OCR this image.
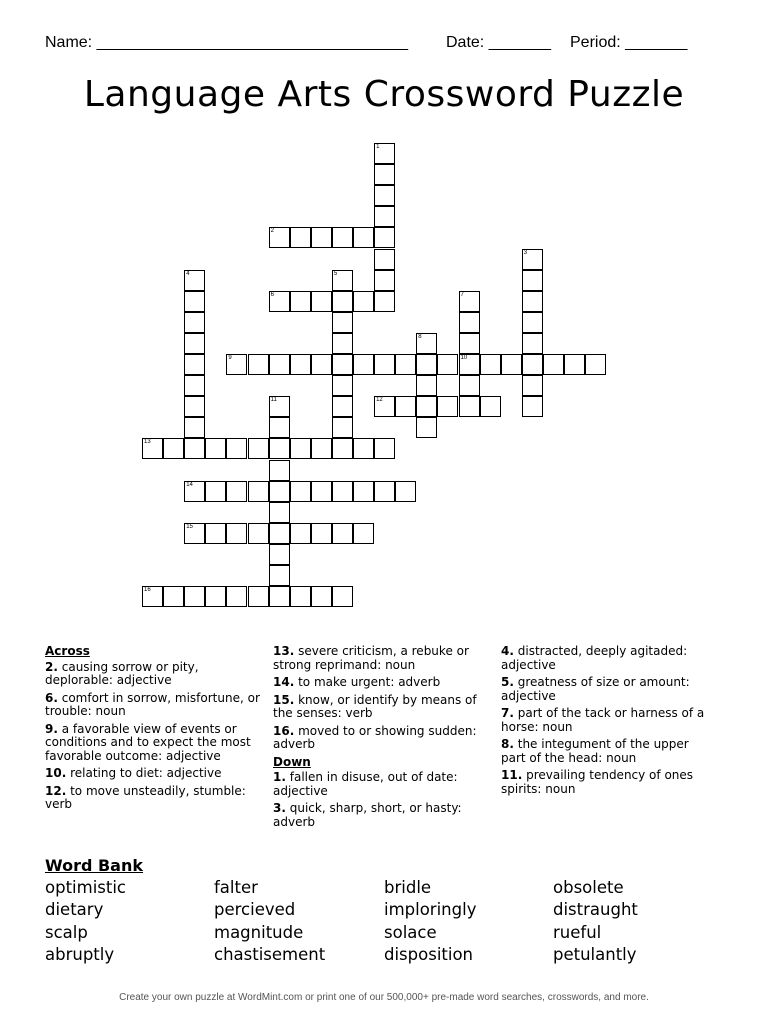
Name: ___________________________________ Date: _______ Period: _______
Language Arts Crossword Puzzle
1
2
3
4	5
6	7
10
8
9
11	12
13
14
15
16
Across
2. causing sorrow or pity, deplorable: adjective
6. comfort in sorrow, misfortune, or trouble: noun
9. a favorable view of events or conditions and to expect the most favorable outcome: adjective
10. relating to diet: adjective
12. to move unsteadily, stumble: verb
13. severe criticism, a rebuke or strong reprimand: noun
14. to make urgent: adverb
15. know, or identify by means of the senses: verb
16. moved to or showing sudden: adverb
Down
1. fallen in disuse, out of date: adjective
3. quick, sharp, short, or hasty: adverb
4. distracted, deeply agitaded: adjective
5. greatness of size or amount: adjective
7. part of the tack or harness of a horse: noun
8. the integument of the upper part of the head: noun
11. prevailing tendency of ones spirits: noun
Word Bank
optimistic
dietary
scalp
abruptly
falter
percieved
magnitude
chastisement
bridle
imploringly
solace
disposition
obsolete
distraught
rueful
petulantly
Create your own puzzle at WordMint.com or print one of our 500,000+ pre-made word searches, crosswords, and more.
